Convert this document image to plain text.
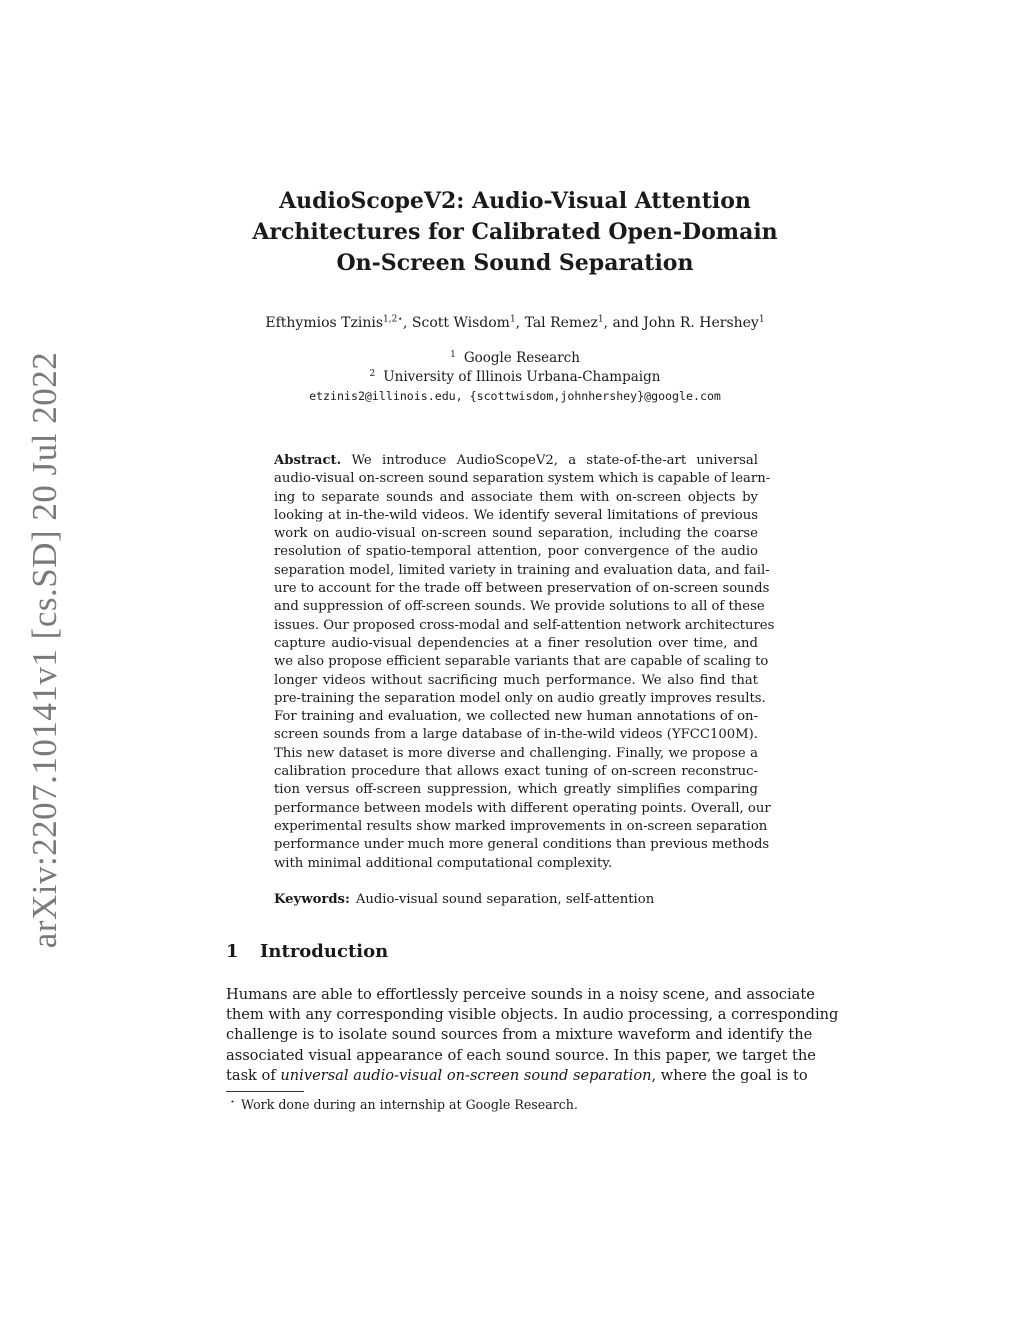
arXiv:2207.10141v1 [cs.SD] 20 Jul 2022
AudioScopeV2: Audio-Visual Attention
Architectures for Calibrated Open-Domain
On-Screen Sound Separation
Efthymios Tzinis$^{1,2⋆}$, Scott Wisdom$^1$, Tal Remez$^1$, and John R. Hershey$^1$
$^1$ Google Research
$^2$ University of Illinois Urbana-Champaign
etzinis2@illinois.edu, {scottwisdom,johnhershey}@google.com
Abstract. We introduce AudioScopeV2, a state-of-the-art universal
audio-visual on-screen sound separation system which is capable of learn-
ing to separate sounds and associate them with on-screen objects by
looking at in-the-wild videos. We identify several limitations of previous
work on audio-visual on-screen sound separation, including the coarse
resolution of spatio-temporal attention, poor convergence of the audio
separation model, limited variety in training and evaluation data, and fail-
ure to account for the trade off between preservation of on-screen sounds
and suppression of off-screen sounds. We provide solutions to all of these
issues. Our proposed cross-modal and self-attention network architectures
capture audio-visual dependencies at a finer resolution over time, and
we also propose efficient separable variants that are capable of scaling to
longer videos without sacrificing much performance. We also find that
pre-training the separation model only on audio greatly improves results.
For training and evaluation, we collected new human annotations of on-
screen sounds from a large database of in-the-wild videos (YFCC100M).
This new dataset is more diverse and challenging. Finally, we propose a
calibration procedure that allows exact tuning of on-screen reconstruc-
tion versus off-screen suppression, which greatly simplifies comparing
performance between models with different operating points. Overall, our
experimental results show marked improvements in on-screen separation
performance under much more general conditions than previous methods
with minimal additional computational complexity.
Keywords: Audio-visual sound separation, self-attention
1 Introduction
Humans are able to effortlessly perceive sounds in a noisy scene, and associate
them with any corresponding visible objects. In audio processing, a corresponding
challenge is to isolate sound sources from a mixture waveform and identify the
associated visual appearance of each sound source. In this paper, we target the
task of universal audio-visual on-screen sound separation, where the goal is to
⋆ Work done during an internship at Google Research.
